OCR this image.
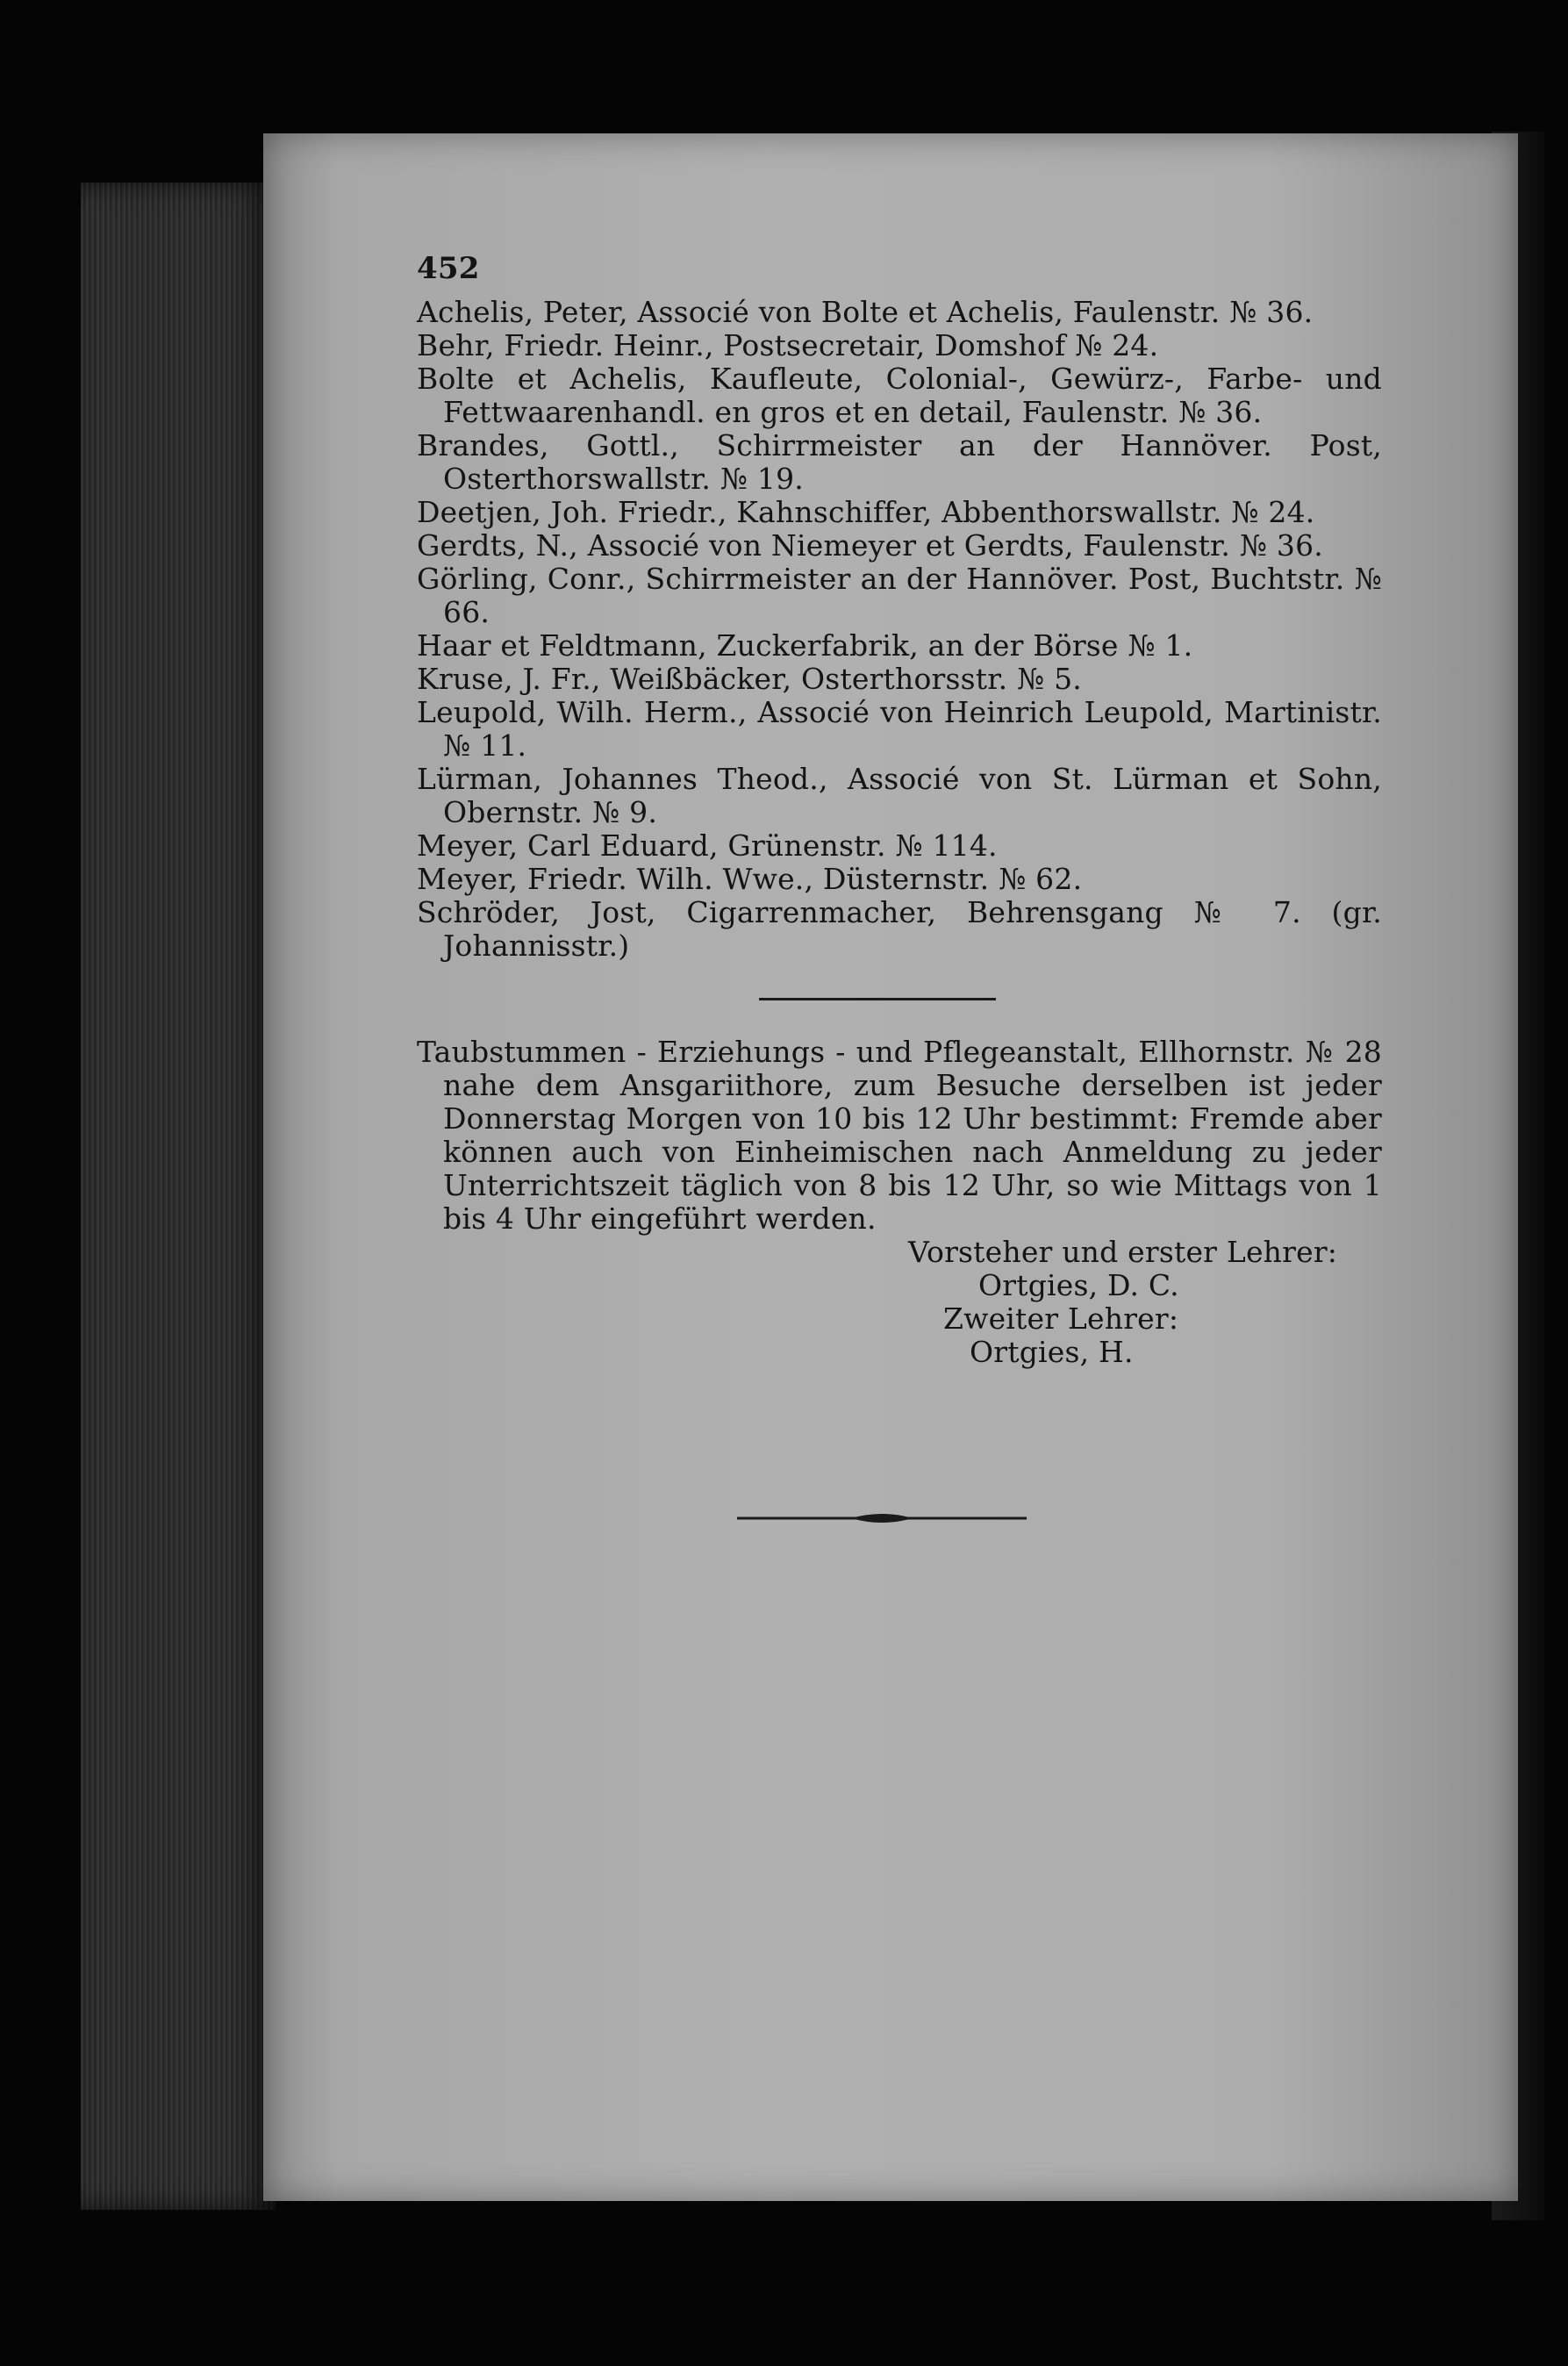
452

Achelis, Peter, Associé von Bolte et Achelis, Faulenstr. № 36.

Behr, Friedr. Heinr., Postsecretair, Domshof № 24.

Bolte et Achelis, Kaufleute, Colonial-, Gewürz-, Farbe- und Fettwaarenhandl. en gros et en detail, Faulenstr. № 36.

Brandes, Gottl., Schirrmeister an der Hannöver. Post, Osterthorswallstr. № 19.

Deetjen, Joh. Friedr., Kahnschiffer, Abbenthorswallstr. № 24.

Gerdts, N., Associé von Niemeyer et Gerdts, Faulenstr. № 36.

Görling, Conr., Schirrmeister an der Hannöver. Post, Buchtstr. № 66.

Haar et Feldtmann, Zuckerfabrik, an der Börse № 1.

Kruse, J. Fr., Weißbäcker, Osterthorsstr. № 5.

Leupold, Wilh. Herm., Associé von Heinrich Leupold, Martinistr. № 11.

Lürman, Johannes Theod., Associé von St. Lürman et Sohn, Obernstr. № 9.

Meyer, Carl Eduard, Grünenstr. № 114.

Meyer, Friedr. Wilh. Wwe., Düsternstr. № 62.

Schröder, Jost, Cigarrenmacher, Behrensgang № 7. (gr. Johannisstr.)

Taubstummen - Erziehungs - und Pflegeanstalt, Ellhornstr. № 28 nahe dem Ansgariithore, zum Besuche derselben ist jeder Donnerstag Morgen von 10 bis 12 Uhr bestimmt: Fremde aber können auch von Einheimischen nach Anmeldung zu jeder Unterrichtszeit täglich von 8 bis 12 Uhr, so wie Mittags von 1 bis 4 Uhr eingeführt werden.

Vorsteher und erster Lehrer:

Ortgies, D. C.

Zweiter Lehrer:

Ortgies, H.
